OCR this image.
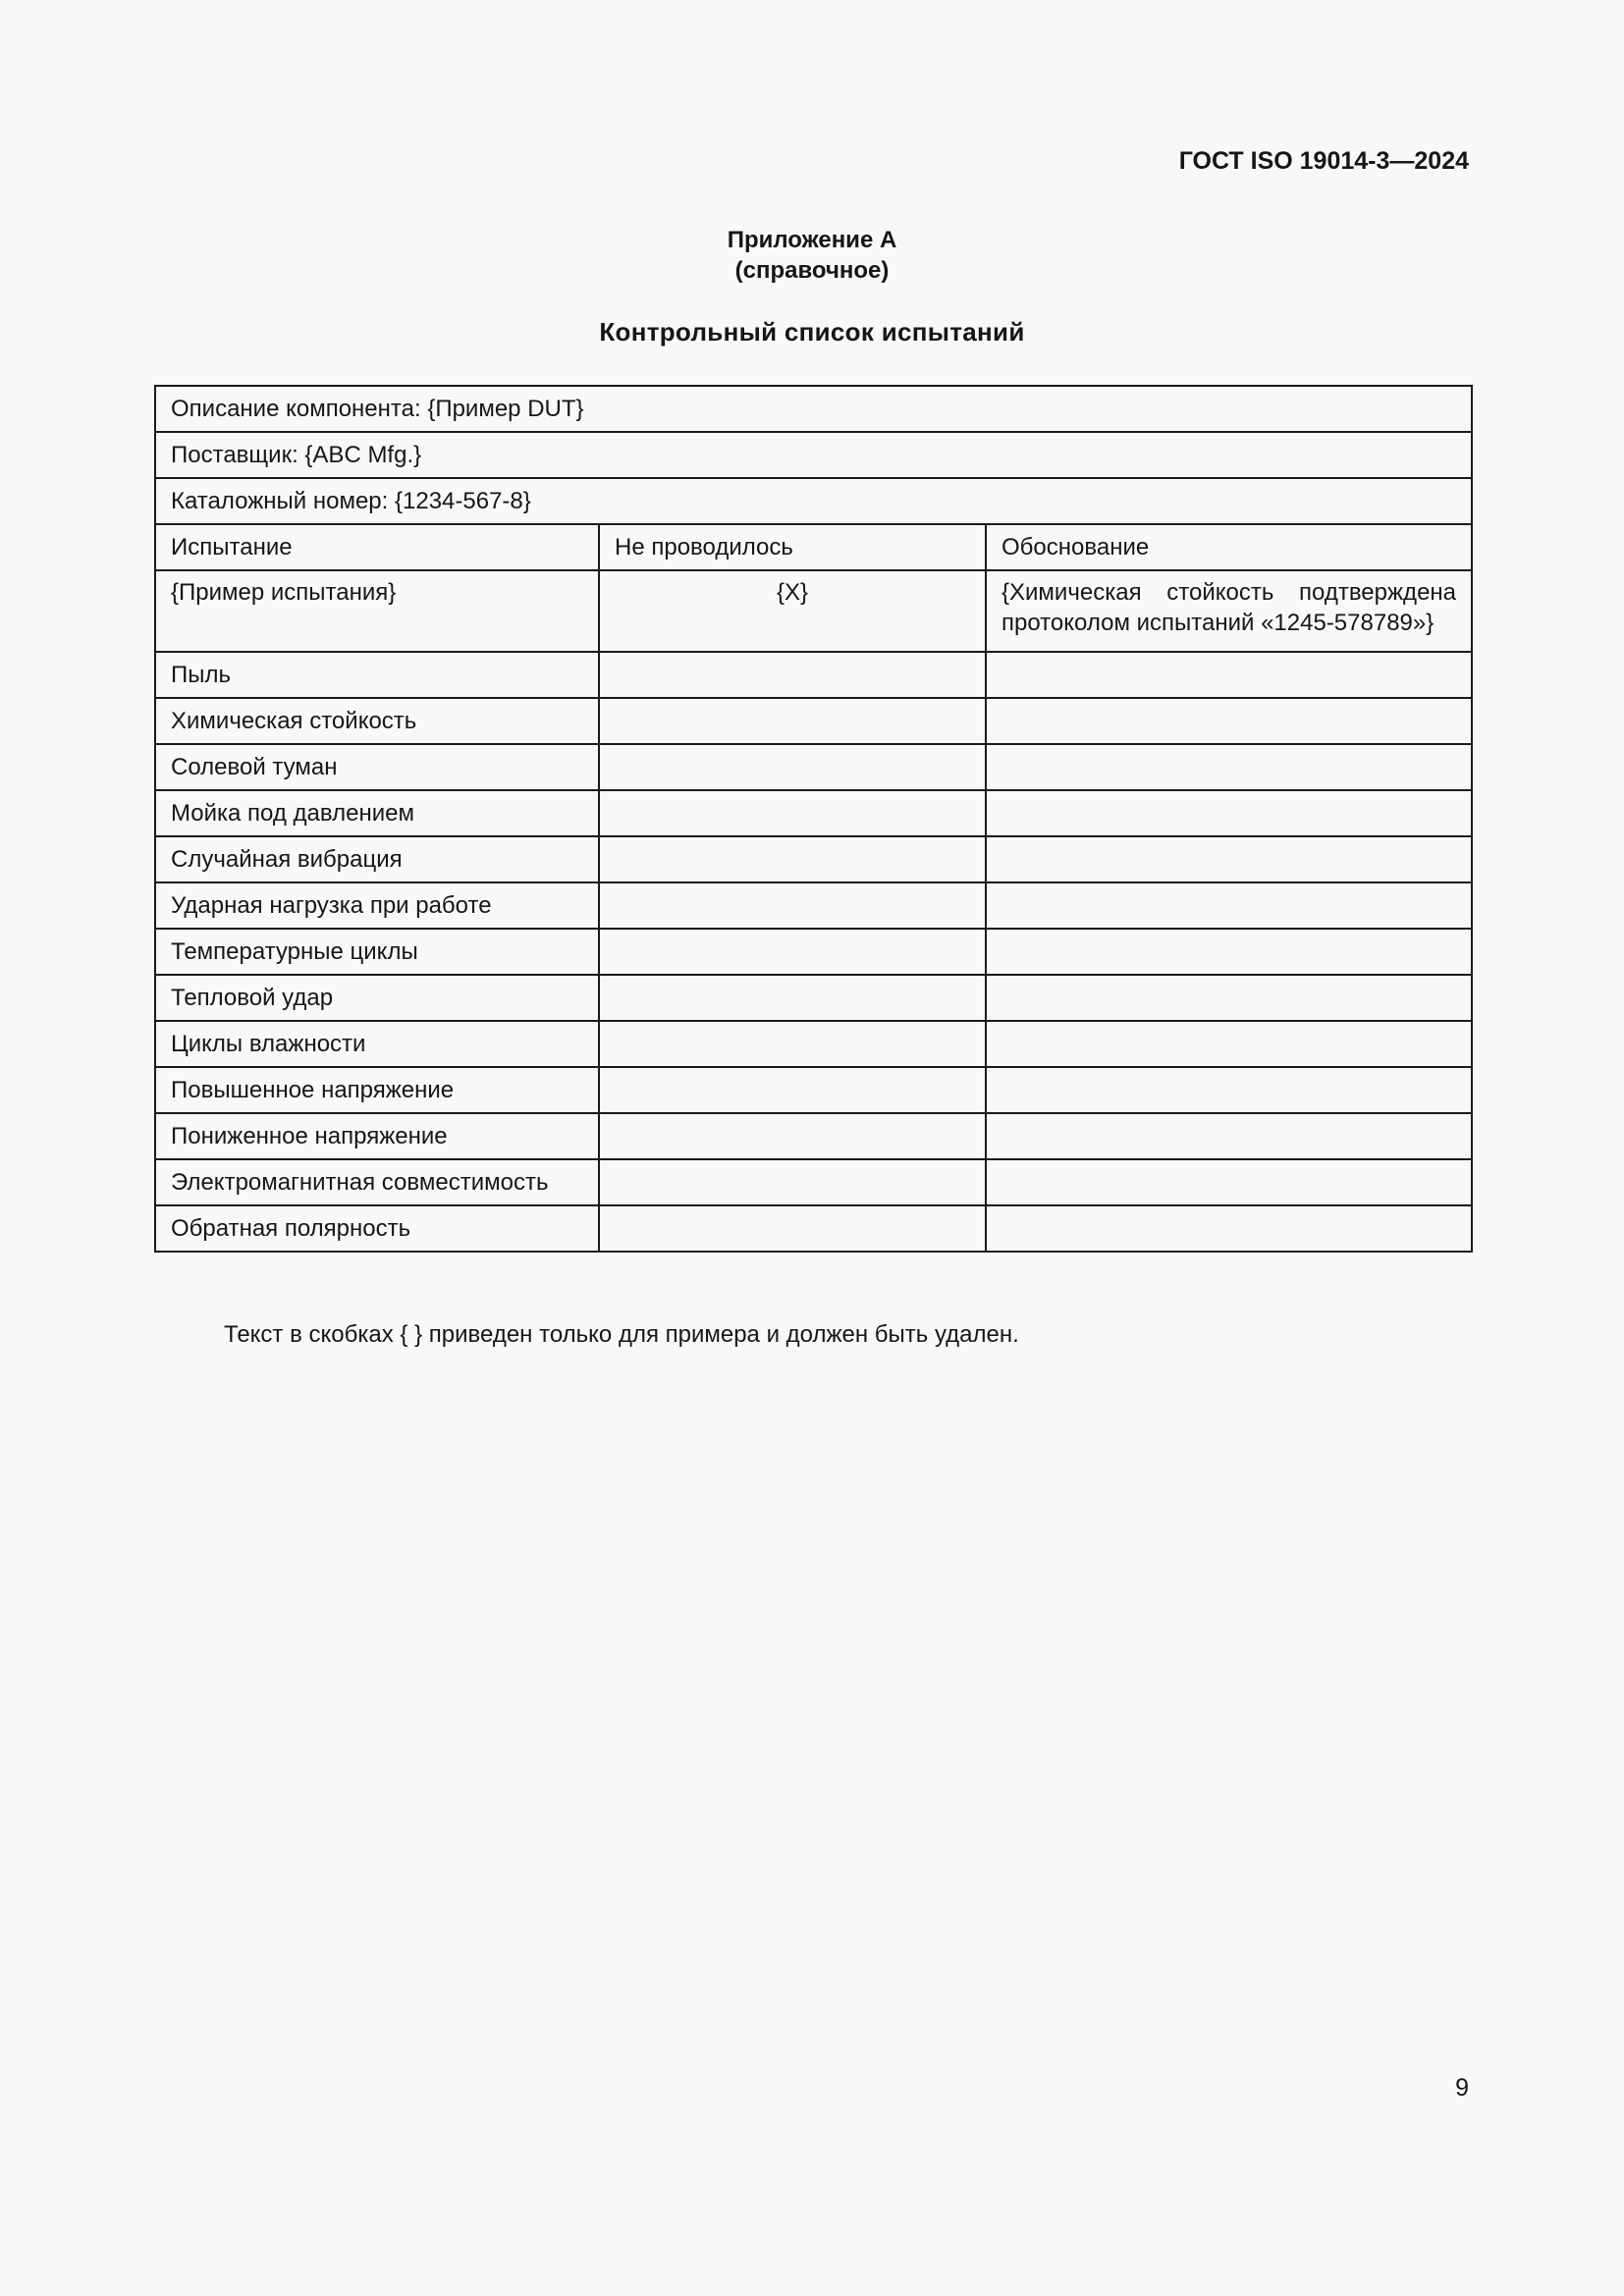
ГОСТ ISO 19014-3—2024
Приложение А
(справочное)
Контрольный список испытаний
Описание компонента: {Пример DUT}		
Поставщик: {ABC Mfg.}		
Каталожный номер: {1234-567-8}		
Испытание	Не проводилось	Обоснование
{Пример испытания}	{X}	{Химическая стойкость подтверждена протоколом испытаний «1245-578789»}
Пыль		
Химическая стойкость		
Солевой туман		
Мойка под давлением		
Случайная вибрация		
Ударная нагрузка при работе		
Температурные циклы		
Тепловой удар		
Циклы влажности		
Повышенное напряжение		
Пониженное напряжение		
Электромагнитная совместимость		
Обратная полярность		
Текст в скобках { } приведен только для примера и должен быть удален.
9
